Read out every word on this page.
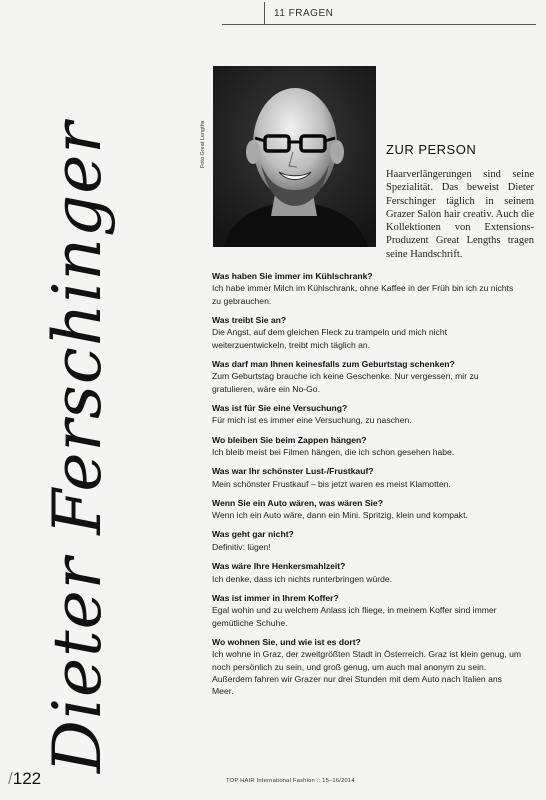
11 FRAGEN
Dieter Ferschinger	Foto Great Lengths	ZUR PERSON
Haarverlängerungen sind seine Spezialität. Das beweist Dieter Ferschinger täglich in seinem Grazer Salon hair creativ. Auch die Kollektionen von Extensions-Produzent Great Lengths tragen seine Handschrift.
Was haben Sie immer im Kühlschrank?
Ich habe immer Milch im Kühlschrank, ohne Kaffee in der Früh bin ich zu nichts zu gebrauchen.
Was treibt Sie an?
Die Angst, auf dem gleichen Fleck zu trampeln und mich nicht weiterzuentwickeln, treibt mich täglich an.
Was darf man Ihnen keinesfalls zum Geburtstag schenken?
Zum Geburtstag brauche ich keine Geschenke. Nur vergessen, mir zu gratulieren, wäre ein No-Go.
Was ist für Sie eine Versuchung?
Für mich ist es immer eine Versuchung, zu naschen.
Wo bleiben Sie beim Zappen hängen?
Ich bleib meist bei Filmen hängen, die ich schon gesehen habe.
Was war Ihr schönster Lust-/Frustkauf?
Mein schönster Frustkauf – bis jetzt waren es meist Klamotten.
Wenn Sie ein Auto wären, was wären Sie?
Wenn ich ein Auto wäre, dann ein Mini. Spritzig, klein und kompakt.
Was geht gar nicht?
Definitiv: lügen!
Was wäre Ihre Henkersmahlzeit?
Ich denke, dass ich nichts runterbringen würde.
Was ist immer in Ihrem Koffer?
Egal wohin und zu welchem Anlass ich fliege, in meinem Koffer sind immer gemütliche Schuhe.
Wo wohnen Sie, und wie ist es dort?
Ich wohne in Graz, der zweitgrößten Stadt in Österreich. Graz ist klein genug, um noch persönlich zu sein, und groß genug, um auch mal anonym zu sein. Außerdem fahren wir Grazer nur drei Stunden mit dem Auto nach Italien ans Meer.
/122	TOP HAIR International Fashion :: 15–16/2014
